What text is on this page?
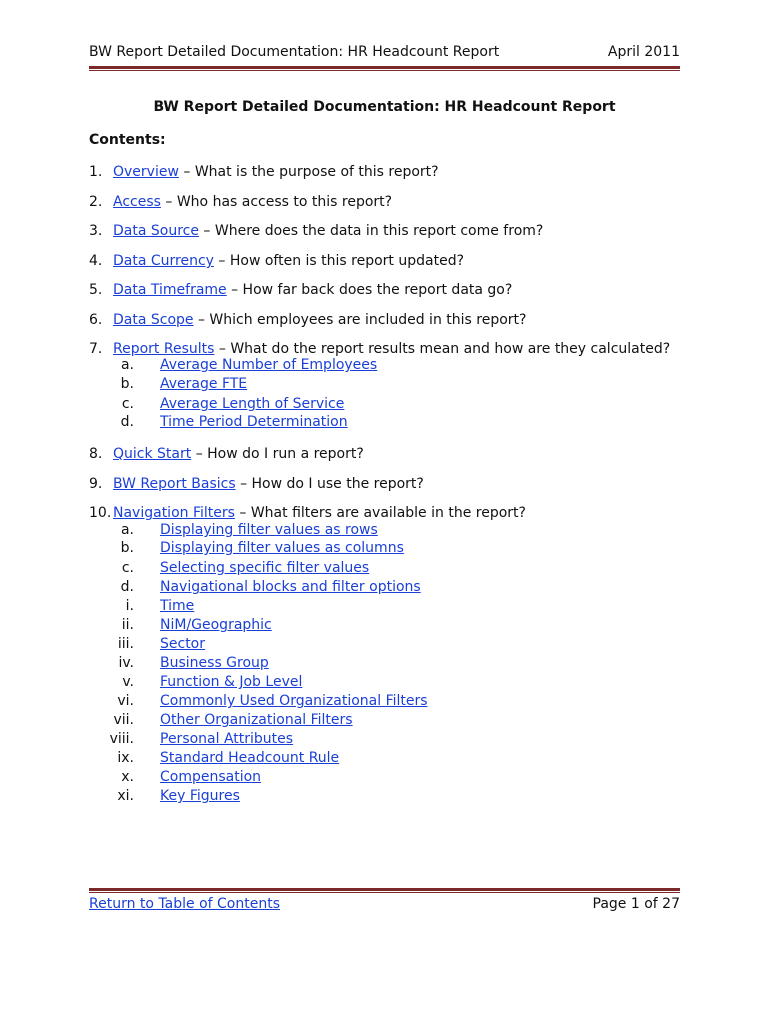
BW Report Detailed Documentation: HR Headcount Report	April 2011
BW Report Detailed Documentation: HR Headcount Report
Contents:
1. Overview – What is the purpose of this report?
2. Access – Who has access to this report?
3. Data Source – Where does the data in this report come from?
4. Data Currency – How often is this report updated?
5. Data Timeframe – How far back does the report data go?
6. Data Scope – Which employees are included in this report?
7. Report Results – What do the report results mean and how are they calculated?
a. Average Number of Employees
b. Average FTE
c. Average Length of Service
d. Time Period Determination
8. Quick Start – How do I run a report?
9. BW Report Basics – How do I use the report?
10. Navigation Filters – What filters are available in the report?
a. Displaying filter values as rows
b. Displaying filter values as columns
c. Selecting specific filter values
d. Navigational blocks and filter options
i. Time
ii. NiM/Geographic
iii. Sector
iv. Business Group
v. Function & Job Level
vi. Commonly Used Organizational Filters
vii. Other Organizational Filters
viii. Personal Attributes
ix. Standard Headcount Rule
x. Compensation
xi. Key Figures
Return to Table of Contents	Page 1 of 27
